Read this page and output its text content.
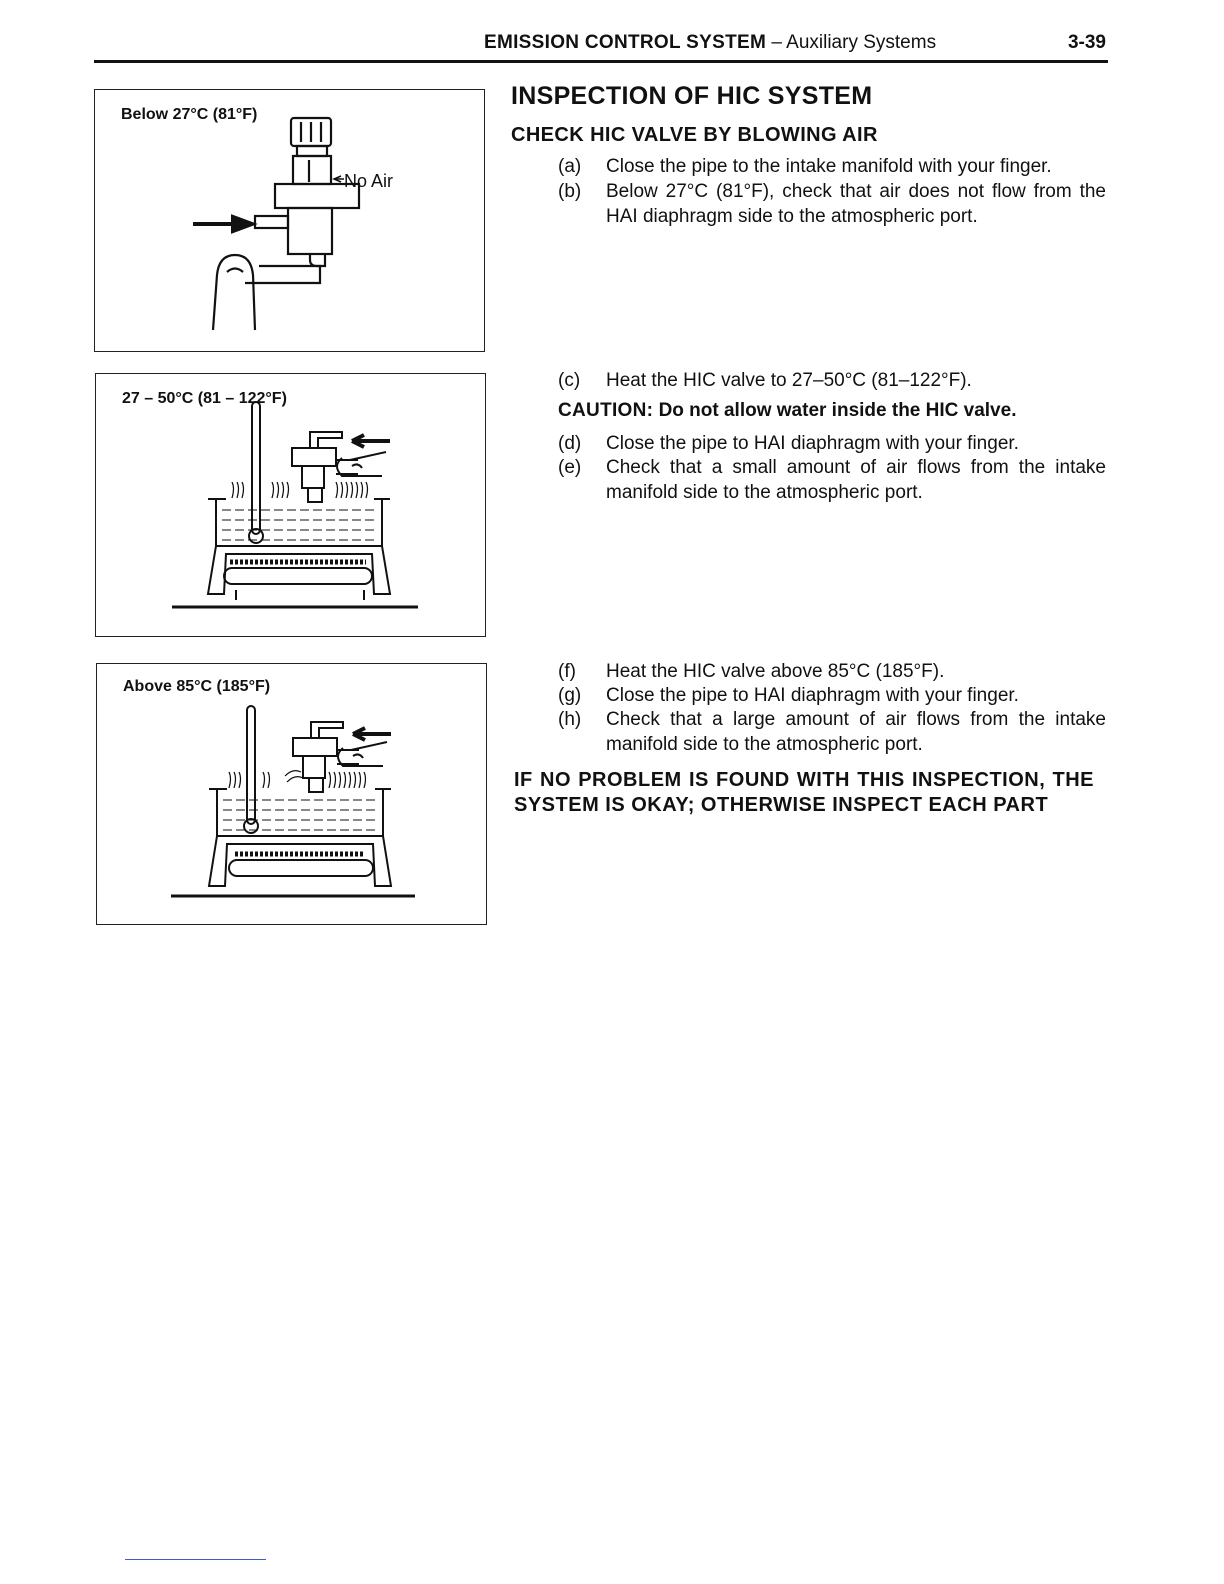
EMISSION CONTROL SYSTEM – Auxiliary Systems	3-39
Below 27°C (81°F)
No Air
27 – 50°C (81 – 122°F)
Above 85°C (185°F)
INSPECTION OF HIC SYSTEM
CHECK HIC VALVE BY BLOWING AIR
(a) Close the pipe to the intake manifold with your finger.
(b) Below 27°C (81°F), check that air does not flow from the HAI diaphragm side to the atmospheric port.
(c) Heat the HIC valve to 27–50°C (81–122°F).
CAUTION: Do not allow water inside the HIC valve.
(d) Close the pipe to HAI diaphragm with your finger.
(e) Check that a small amount of air flows from the intake manifold side to the atmospheric port.
(f) Heat the HIC valve above 85°C (185°F).
(g) Close the pipe to HAI diaphragm with your finger.
(h) Check that a large amount of air flows from the intake manifold side to the atmospheric port.
IF NO PROBLEM IS FOUND WITH THIS INSPECTION, THE SYSTEM IS OKAY; OTHERWISE INSPECT EACH PART
